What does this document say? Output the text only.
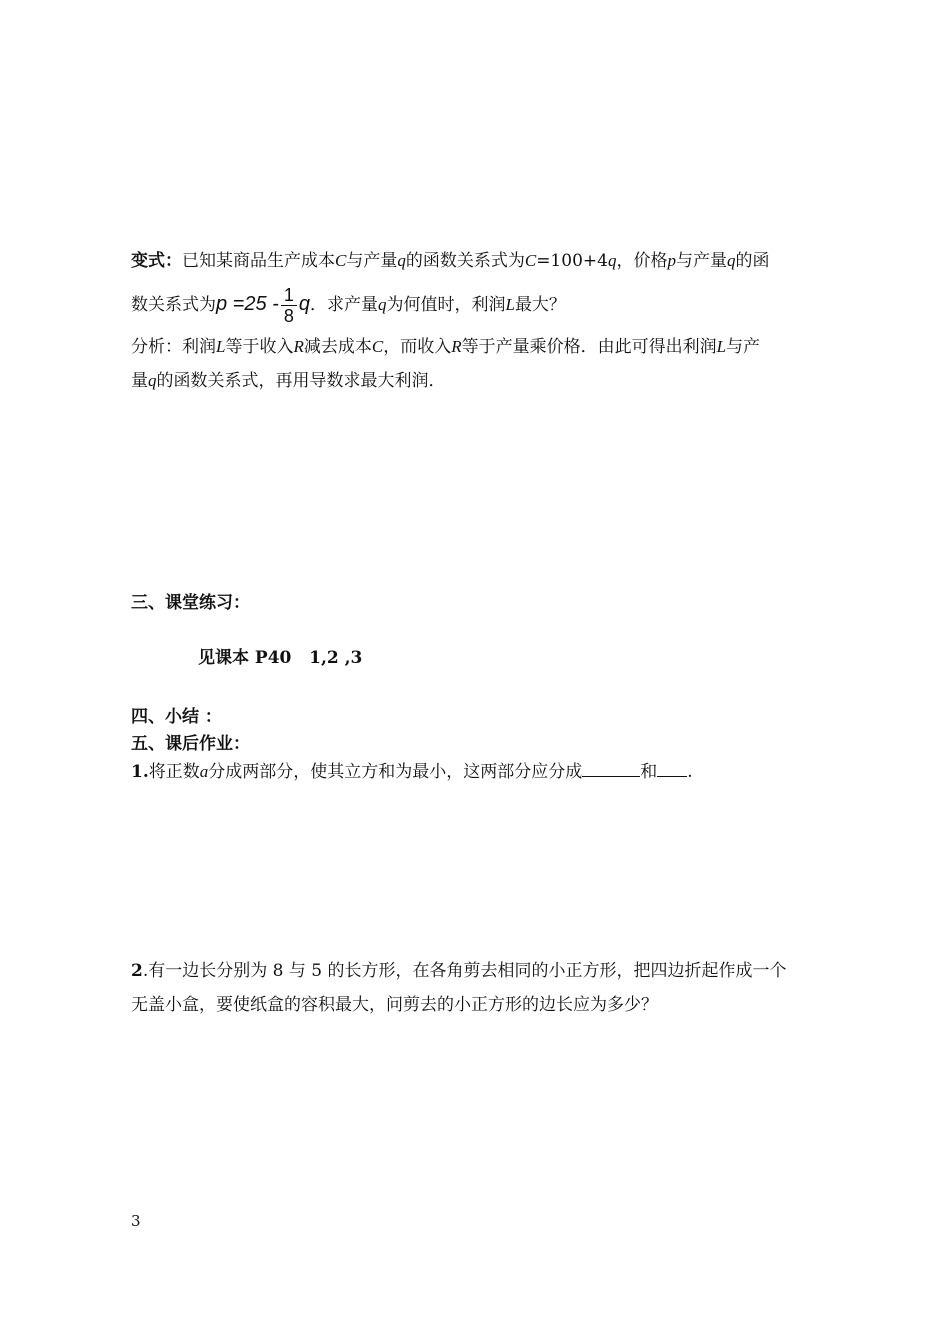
变式：已知某商品生产成本C与产量q的函数关系式为C=100+4q，价格p与产量q的函
数关系式为$p =25 - \frac{1}{8}$ q．求产量q为何值时，利润L最大？
分析：利润L等于收入R减去成本C，而收入R等于产量乘价格．由此可得出利润L与产
量q的函数关系式，再用导数求最大利润．
三、课堂练习：
见课本 P40   1,2 ,3
四、小结 ：
五、课后作业：
1.将正数a分成两部分，使其立方和为最小，这两部分应分成	和 .
2.有一边长分别为 8 与 5 的长方形，在各角剪去相同的小正方形，把四边折起作成一个
无盖小盒，要使纸盒的容积最大，问剪去的小正方形的边长应为多少？
3
